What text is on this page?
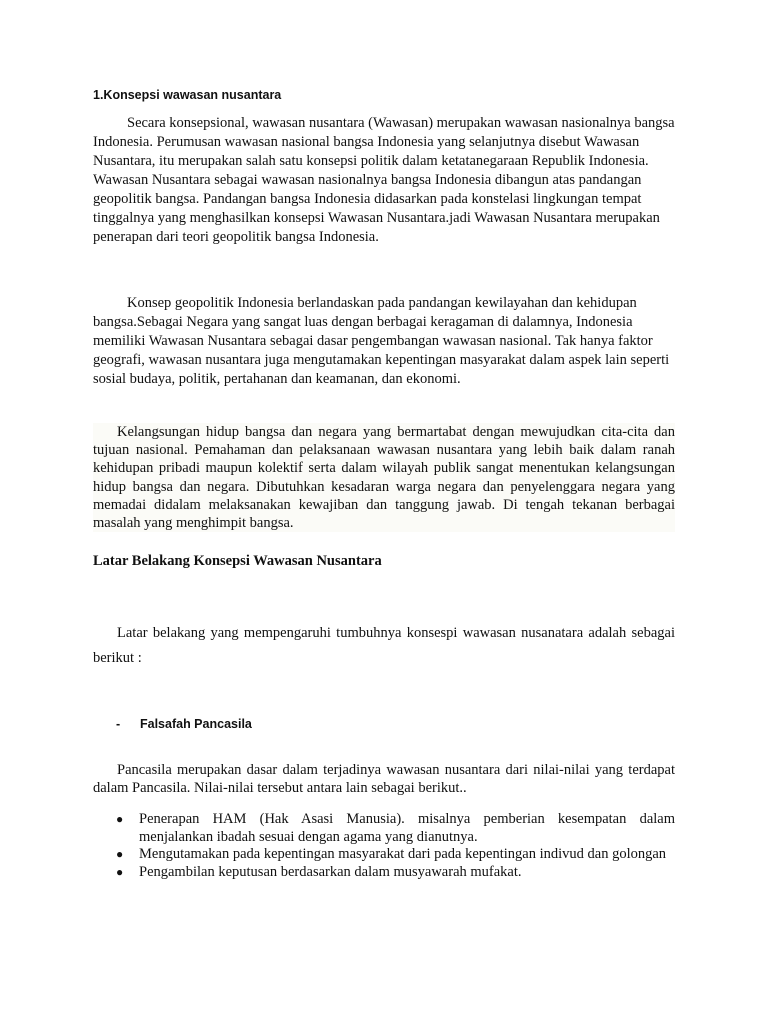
1.Konsepsi wawasan nusantara

Secara konsepsional, wawasan nusantara (Wawasan) merupakan wawasan nasionalnya bangsa Indonesia. Perumusan wawasan nasional bangsa Indonesia yang selanjutnya disebut Wawasan Nusantara, itu merupakan salah satu konsepsi politik dalam ketatanegaraan Republik Indonesia. Wawasan Nusantara sebagai wawasan nasionalnya bangsa Indonesia dibangun atas pandangan geopolitik bangsa. Pandangan bangsa Indonesia didasarkan pada konstelasi lingkungan tempat tinggalnya yang menghasilkan konsepsi Wawasan Nusantara.jadi Wawasan Nusantara merupakan penerapan dari teori geopolitik bangsa Indonesia.

Konsep geopolitik Indonesia berlandaskan pada pandangan kewilayahan dan kehidupan bangsa.Sebagai Negara yang sangat luas dengan berbagai keragaman di dalamnya, Indonesia memiliki Wawasan Nusantara sebagai dasar pengembangan wawasan nasional. Tak hanya faktor geografi, wawasan nusantara juga mengutamakan kepentingan masyarakat dalam aspek lain seperti sosial budaya, politik, pertahanan dan keamanan, dan ekonomi.

Kelangsungan hidup bangsa dan negara yang bermartabat dengan mewujudkan cita-cita dan tujuan nasional. Pemahaman dan pelaksanaan wawasan nusantara yang lebih baik dalam ranah kehidupan pribadi maupun kolektif serta dalam wilayah publik sangat menentukan kelangsungan hidup bangsa dan negara. Dibutuhkan kesadaran warga negara dan penyelenggara negara yang memadai didalam melaksanakan kewajiban dan tanggung jawab. Di tengah tekanan berbagai masalah yang menghimpit bangsa.

Latar Belakang Konsepsi Wawasan Nusantara

Latar belakang yang mempengaruhi tumbuhnya konsespi wawasan nusanatara adalah sebagai berikut :

- Falsafah Pancasila

Pancasila merupakan dasar dalam terjadinya wawasan nusantara dari nilai-nilai yang terdapat dalam Pancasila. Nilai-nilai tersebut antara lain sebagai berikut..

● Penerapan HAM (Hak Asasi Manusia). misalnya pemberian kesempatan dalam menjalankan ibadah sesuai dengan agama yang dianutnya.
● Mengutamakan pada kepentingan masyarakat dari pada kepentingan indivud dan golongan
● Pengambilan keputusan berdasarkan dalam musyawarah mufakat.
